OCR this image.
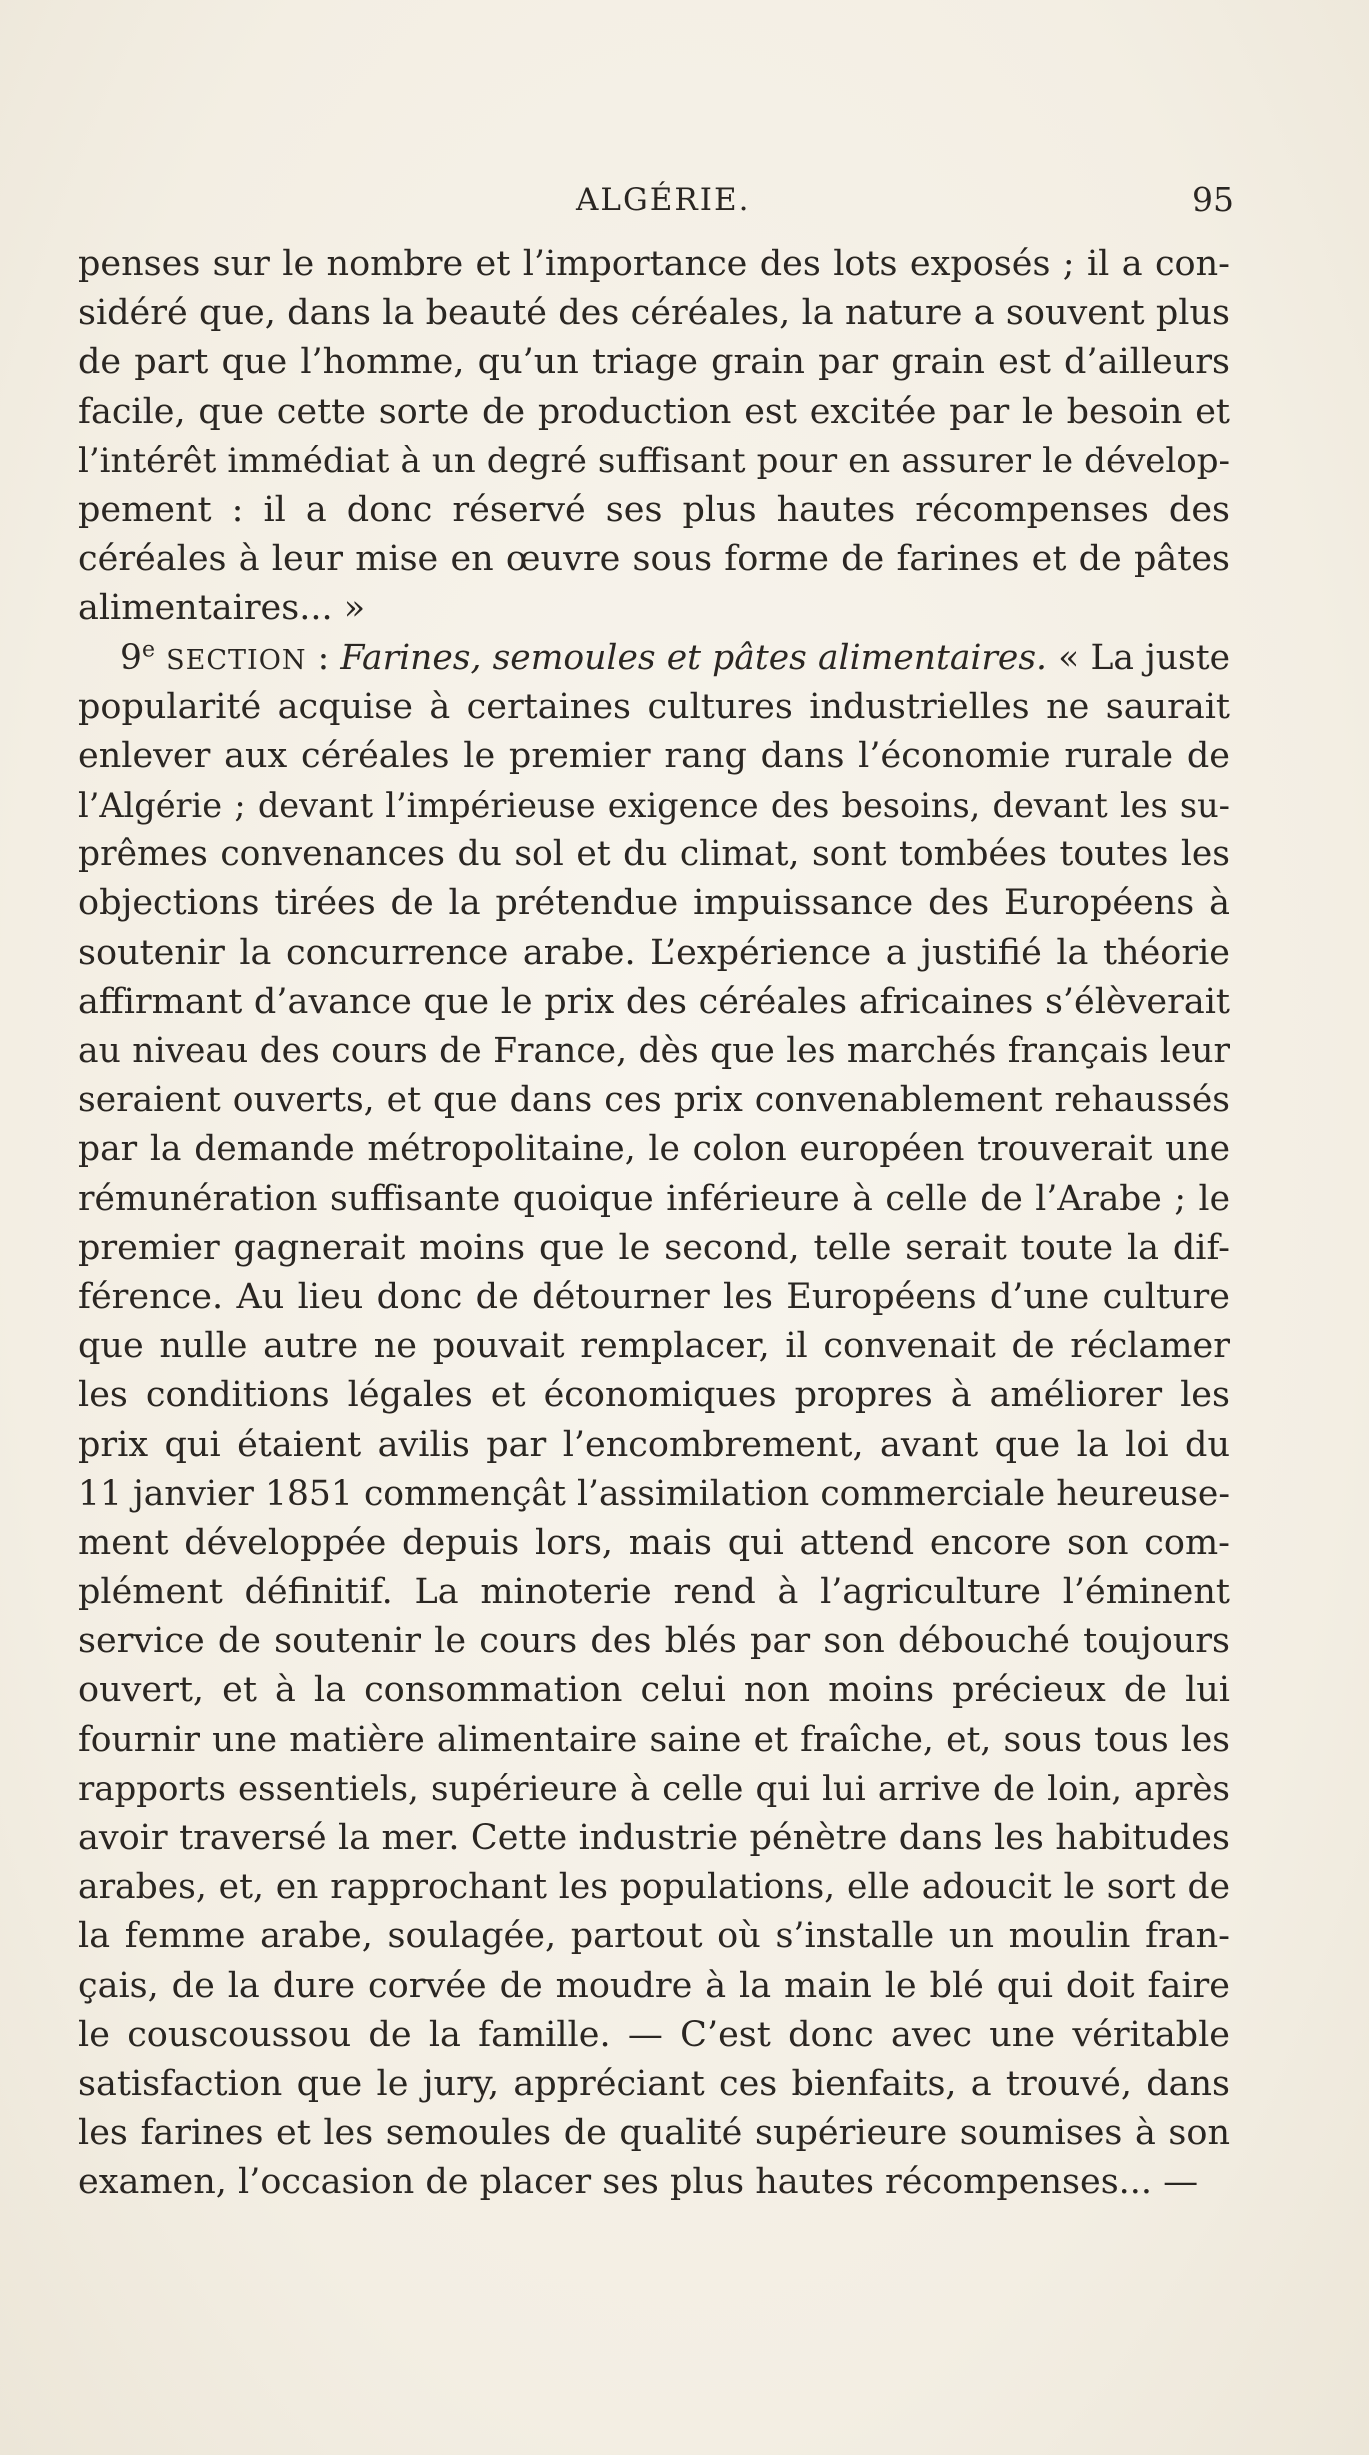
ALGÉRIE.	95
penses sur le nombre et l’importance des lots exposés ; il a con-
sidéré que, dans la beauté des céréales, la nature a souvent plus
de part que l’homme, qu’un triage grain par grain est d’ailleurs
facile, que cette sorte de production est excitée par le besoin et
l’intérêt immédiat à un degré suffisant pour en assurer le dévelop-
pement : il a donc réservé ses plus hautes récompenses des
céréales à leur mise en œuvre sous forme de farines et de pâtes
alimentaires... »
9e SECTION : Farines, semoules et pâtes alimentaires. « La juste
popularité acquise à certaines cultures industrielles ne saurait
enlever aux céréales le premier rang dans l’économie rurale de
l’Algérie ; devant l’impérieuse exigence des besoins, devant les su-
prêmes convenances du sol et du climat, sont tombées toutes les
objections tirées de la prétendue impuissance des Européens à
soutenir la concurrence arabe. L’expérience a justifié la théorie
affirmant d’avance que le prix des céréales africaines s’élèverait
au niveau des cours de France, dès que les marchés français leur
seraient ouverts, et que dans ces prix convenablement rehaussés
par la demande métropolitaine, le colon européen trouverait une
rémunération suffisante quoique inférieure à celle de l’Arabe ; le
premier gagnerait moins que le second, telle serait toute la dif-
férence. Au lieu donc de détourner les Européens d’une culture
que nulle autre ne pouvait remplacer, il convenait de réclamer
les conditions légales et économiques propres à améliorer les
prix qui étaient avilis par l’encombrement, avant que la loi du
11 janvier 1851 commençât l’assimilation commerciale heureuse-
ment développée depuis lors, mais qui attend encore son com-
plément définitif. La minoterie rend à l’agriculture l’éminent
service de soutenir le cours des blés par son débouché toujours
ouvert, et à la consommation celui non moins précieux de lui
fournir une matière alimentaire saine et fraîche, et, sous tous les
rapports essentiels, supérieure à celle qui lui arrive de loin, après
avoir traversé la mer. Cette industrie pénètre dans les habitudes
arabes, et, en rapprochant les populations, elle adoucit le sort de
la femme arabe, soulagée, partout où s’installe un moulin fran-
çais, de la dure corvée de moudre à la main le blé qui doit faire
le couscoussou de la famille. — C’est donc avec une véritable
satisfaction que le jury, appréciant ces bienfaits, a trouvé, dans
les farines et les semoules de qualité supérieure soumises à son
examen, l’occasion de placer ses plus hautes récompenses... —
